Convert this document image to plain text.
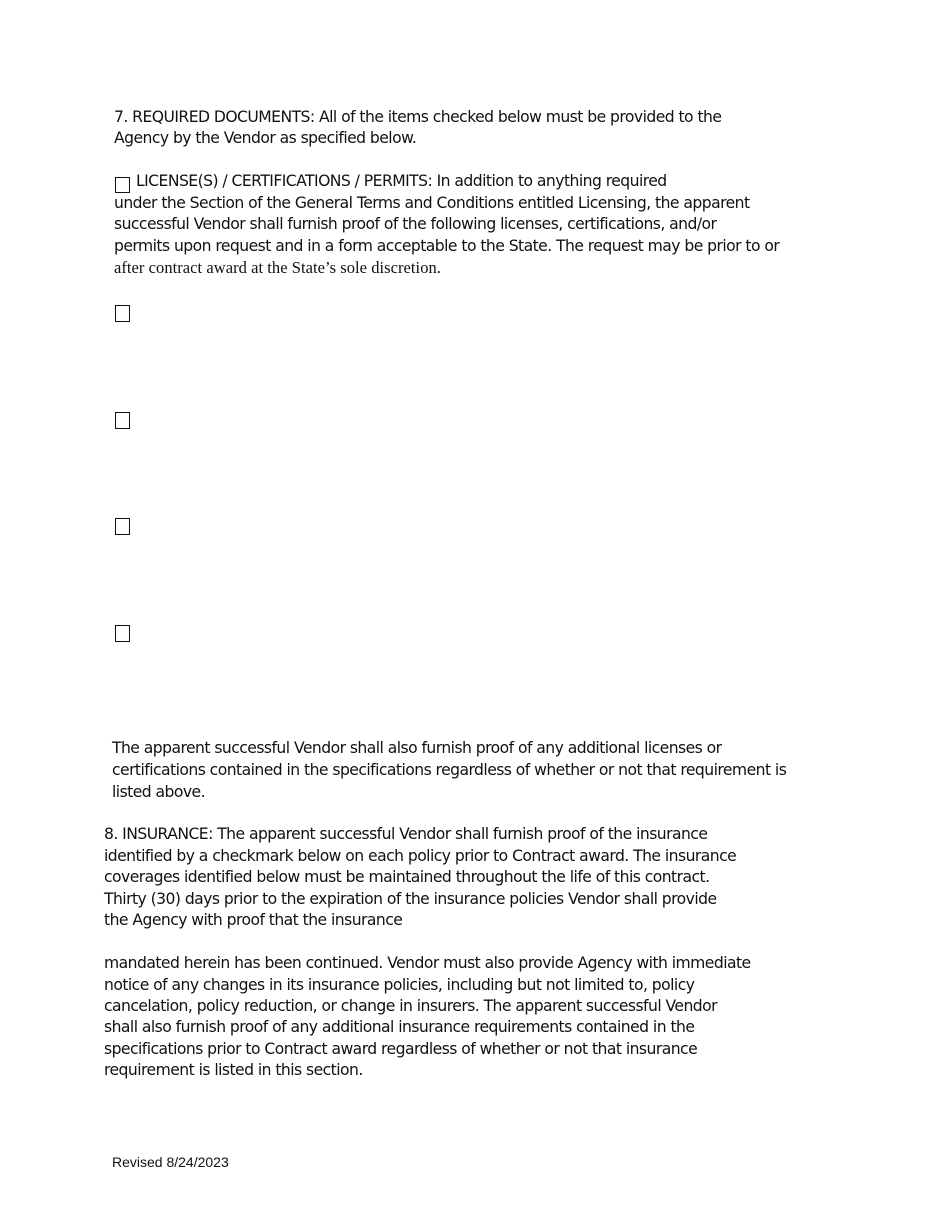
7. REQUIRED DOCUMENTS: All of the items checked below must be provided to the
Agency by the Vendor as specified below.
LICENSE(S) / CERTIFICATIONS / PERMITS: In addition to anything required
under the Section of the General Terms and Conditions entitled Licensing, the apparent
successful Vendor shall furnish proof of the following licenses, certifications, and/or
permits upon request and in a form acceptable to the State. The request may be prior to or
after contract award at the State’s sole discretion.
The apparent successful Vendor shall also furnish proof of any additional licenses or
certifications contained in the specifications regardless of whether or not that requirement is
listed above.
8. INSURANCE: The apparent successful Vendor shall furnish proof of the insurance
identified by a checkmark below on each policy prior to Contract award. The insurance
coverages identified below must be maintained throughout the life of this contract.
Thirty (30) days prior to the expiration of the insurance policies Vendor shall provide
the Agency with proof that the insurance
mandated herein has been continued. Vendor must also provide Agency with immediate
notice of any changes in its insurance policies, including but not limited to, policy
cancelation, policy reduction, or change in insurers. The apparent successful Vendor
shall also furnish proof of any additional insurance requirements contained in the
specifications prior to Contract award regardless of whether or not that insurance
requirement is listed in this section.
Revised 8/24/2023
